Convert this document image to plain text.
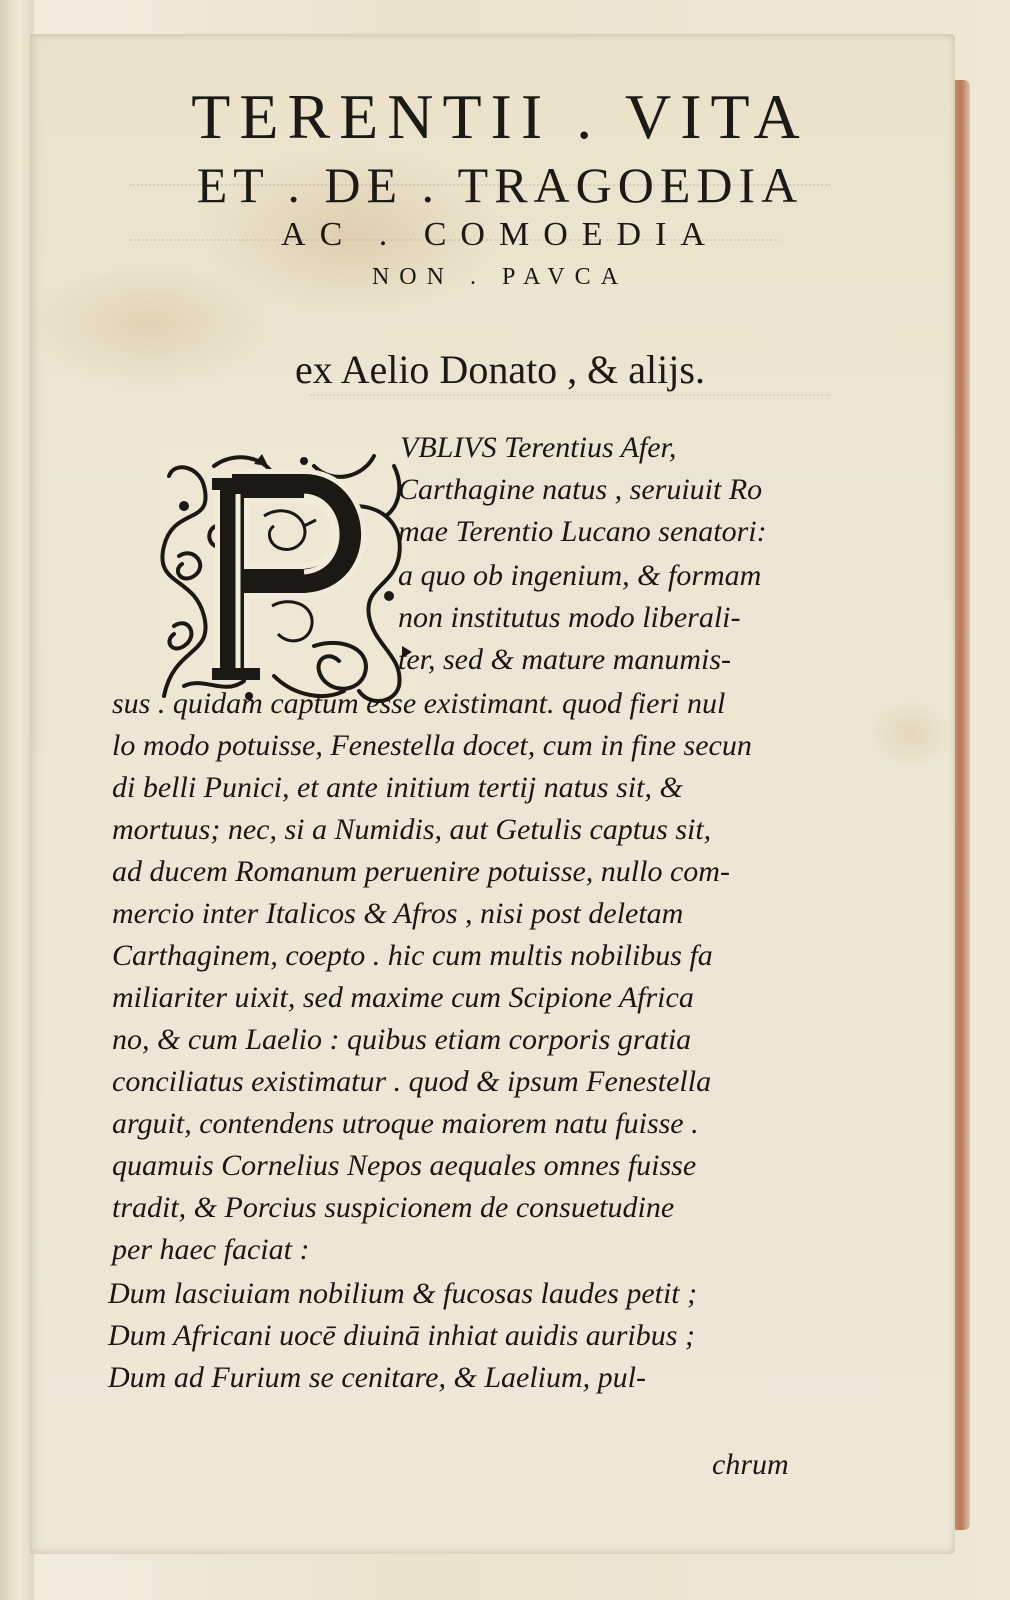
TERENTII . VITA
ET . DE . TRAGOEDIA
AC . COMOEDIA
NON . PAVCA
ex Aelio Donato , & alijs.
VBLIVS Terentius Afer,
Carthagine natus , seruiuit Ro
mae Terentio Lucano senatori:
a quo ob ingenium, & formam
non institutus modo liberali-
ter, sed & mature manumis-
sus . quidam captum esse existimant. quod fieri nul
lo modo potuisse, Fenestella docet, cum in fine secun
di belli Punici, et ante initium tertij natus sit, &
mortuus; nec, si a Numidis, aut Getulis captus sit,
ad ducem Romanum peruenire potuisse, nullo com-
mercio inter Italicos & Afros , nisi post deletam
Carthaginem, coepto . hic cum multis nobilibus fa
miliariter uixit, sed maxime cum Scipione Africa
no, & cum Laelio : quibus etiam corporis gratia
conciliatus existimatur . quod & ipsum Fenestella
arguit, contendens utroque maiorem natu fuisse .
quamuis Cornelius Nepos aequales omnes fuisse
tradit, & Porcius suspicionem de consuetudine
per haec faciat :
Dum lasciuiam nobilium & fucosas laudes petit ;
Dum Africani uocē diuinā inhiat auidis auribus ;
Dum ad Furium se cenitare, & Laelium, pul-
chrum
